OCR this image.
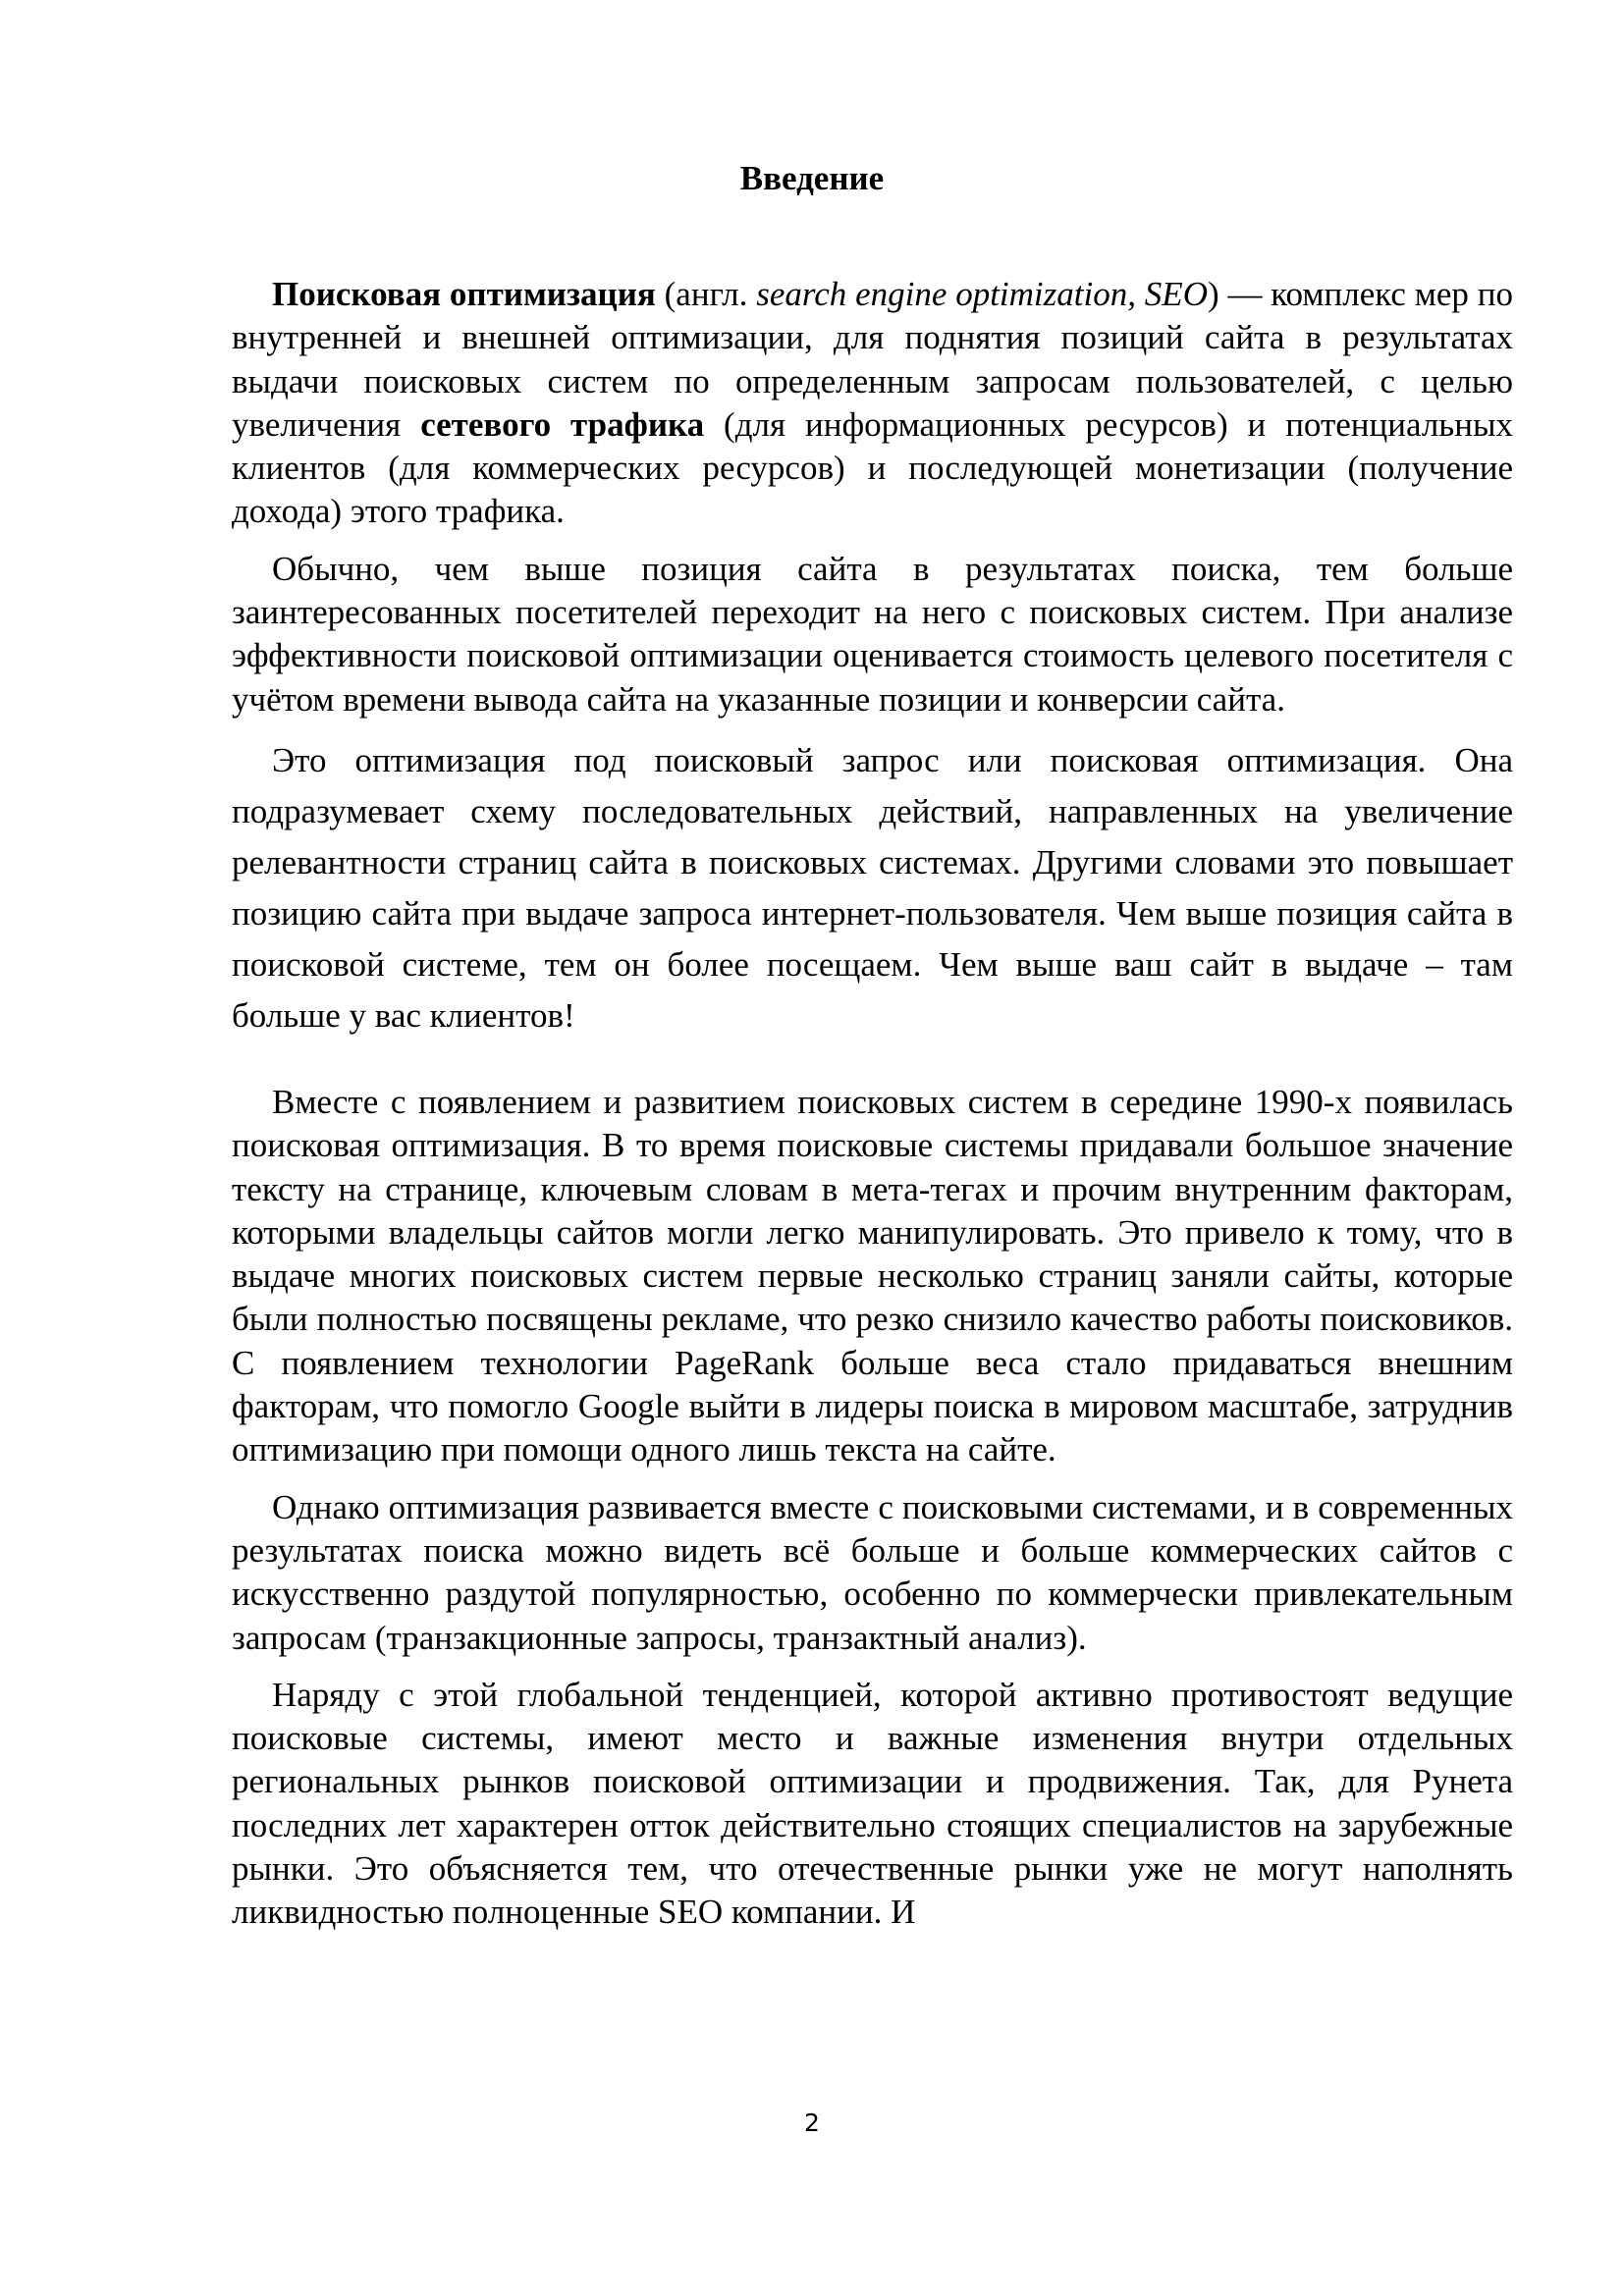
Введение

Поисковая оптимизация (англ. search engine optimization, SEO) — комплекс мер по внутренней и внешней оптимизации, для поднятия позиций сайта в результатах выдачи поисковых систем по определенным запросам пользователей, с целью увеличения сетевого трафика (для информационных ресурсов) и потенциальных клиентов (для коммерческих ресурсов) и последующей монетизации (получение дохода) этого трафика.

Обычно, чем выше позиция сайта в результатах поиска, тем больше заинтересованных посетителей переходит на него с поисковых систем. При анализе эффективности поисковой оптимизации оценивается стоимость целевого посетителя с учётом времени вывода сайта на указанные позиции и конверсии сайта.

Это оптимизация под поисковый запрос или поисковая оптимизация. Она подразумевает схему последовательных действий, направленных на увеличение релевантности страниц сайта в поисковых системах. Другими словами это повышает позицию сайта при выдаче запроса интернет-пользователя. Чем выше позиция сайта в поисковой системе, тем он более посещаем. Чем выше ваш сайт в выдаче – там больше у вас клиентов!

Вместе с появлением и развитием поисковых систем в середине 1990-х появилась поисковая оптимизация. В то время поисковые системы придавали большое значение тексту на странице, ключевым словам в мета-тегах и прочим внутренним факторам, которыми владельцы сайтов могли легко манипулировать. Это привело к тому, что в выдаче многих поисковых систем первые несколько страниц заняли сайты, которые были полностью посвящены рекламе, что резко снизило качество работы поисковиков. С появлением технологии PageRank больше веса стало придаваться внешним факторам, что помогло Google выйти в лидеры поиска в мировом масштабе, затруднив оптимизацию при помощи одного лишь текста на сайте.

Однако оптимизация развивается вместе с поисковыми системами, и в современных результатах поиска можно видеть всё больше и больше коммерческих сайтов с искусственно раздутой популярностью, особенно по коммерчески привлекательным запросам (транзакционные запросы, транзактный анализ).

Наряду с этой глобальной тенденцией, которой активно противостоят ведущие поисковые системы, имеют место и важные изменения внутри отдельных региональных рынков поисковой оптимизации и продвижения. Так, для Рунета последних лет характерен отток действительно стоящих специалистов на зарубежные рынки. Это объясняется тем, что отечественные рынки уже не могут наполнять ликвидностью полноценные SEO компании. И

2
